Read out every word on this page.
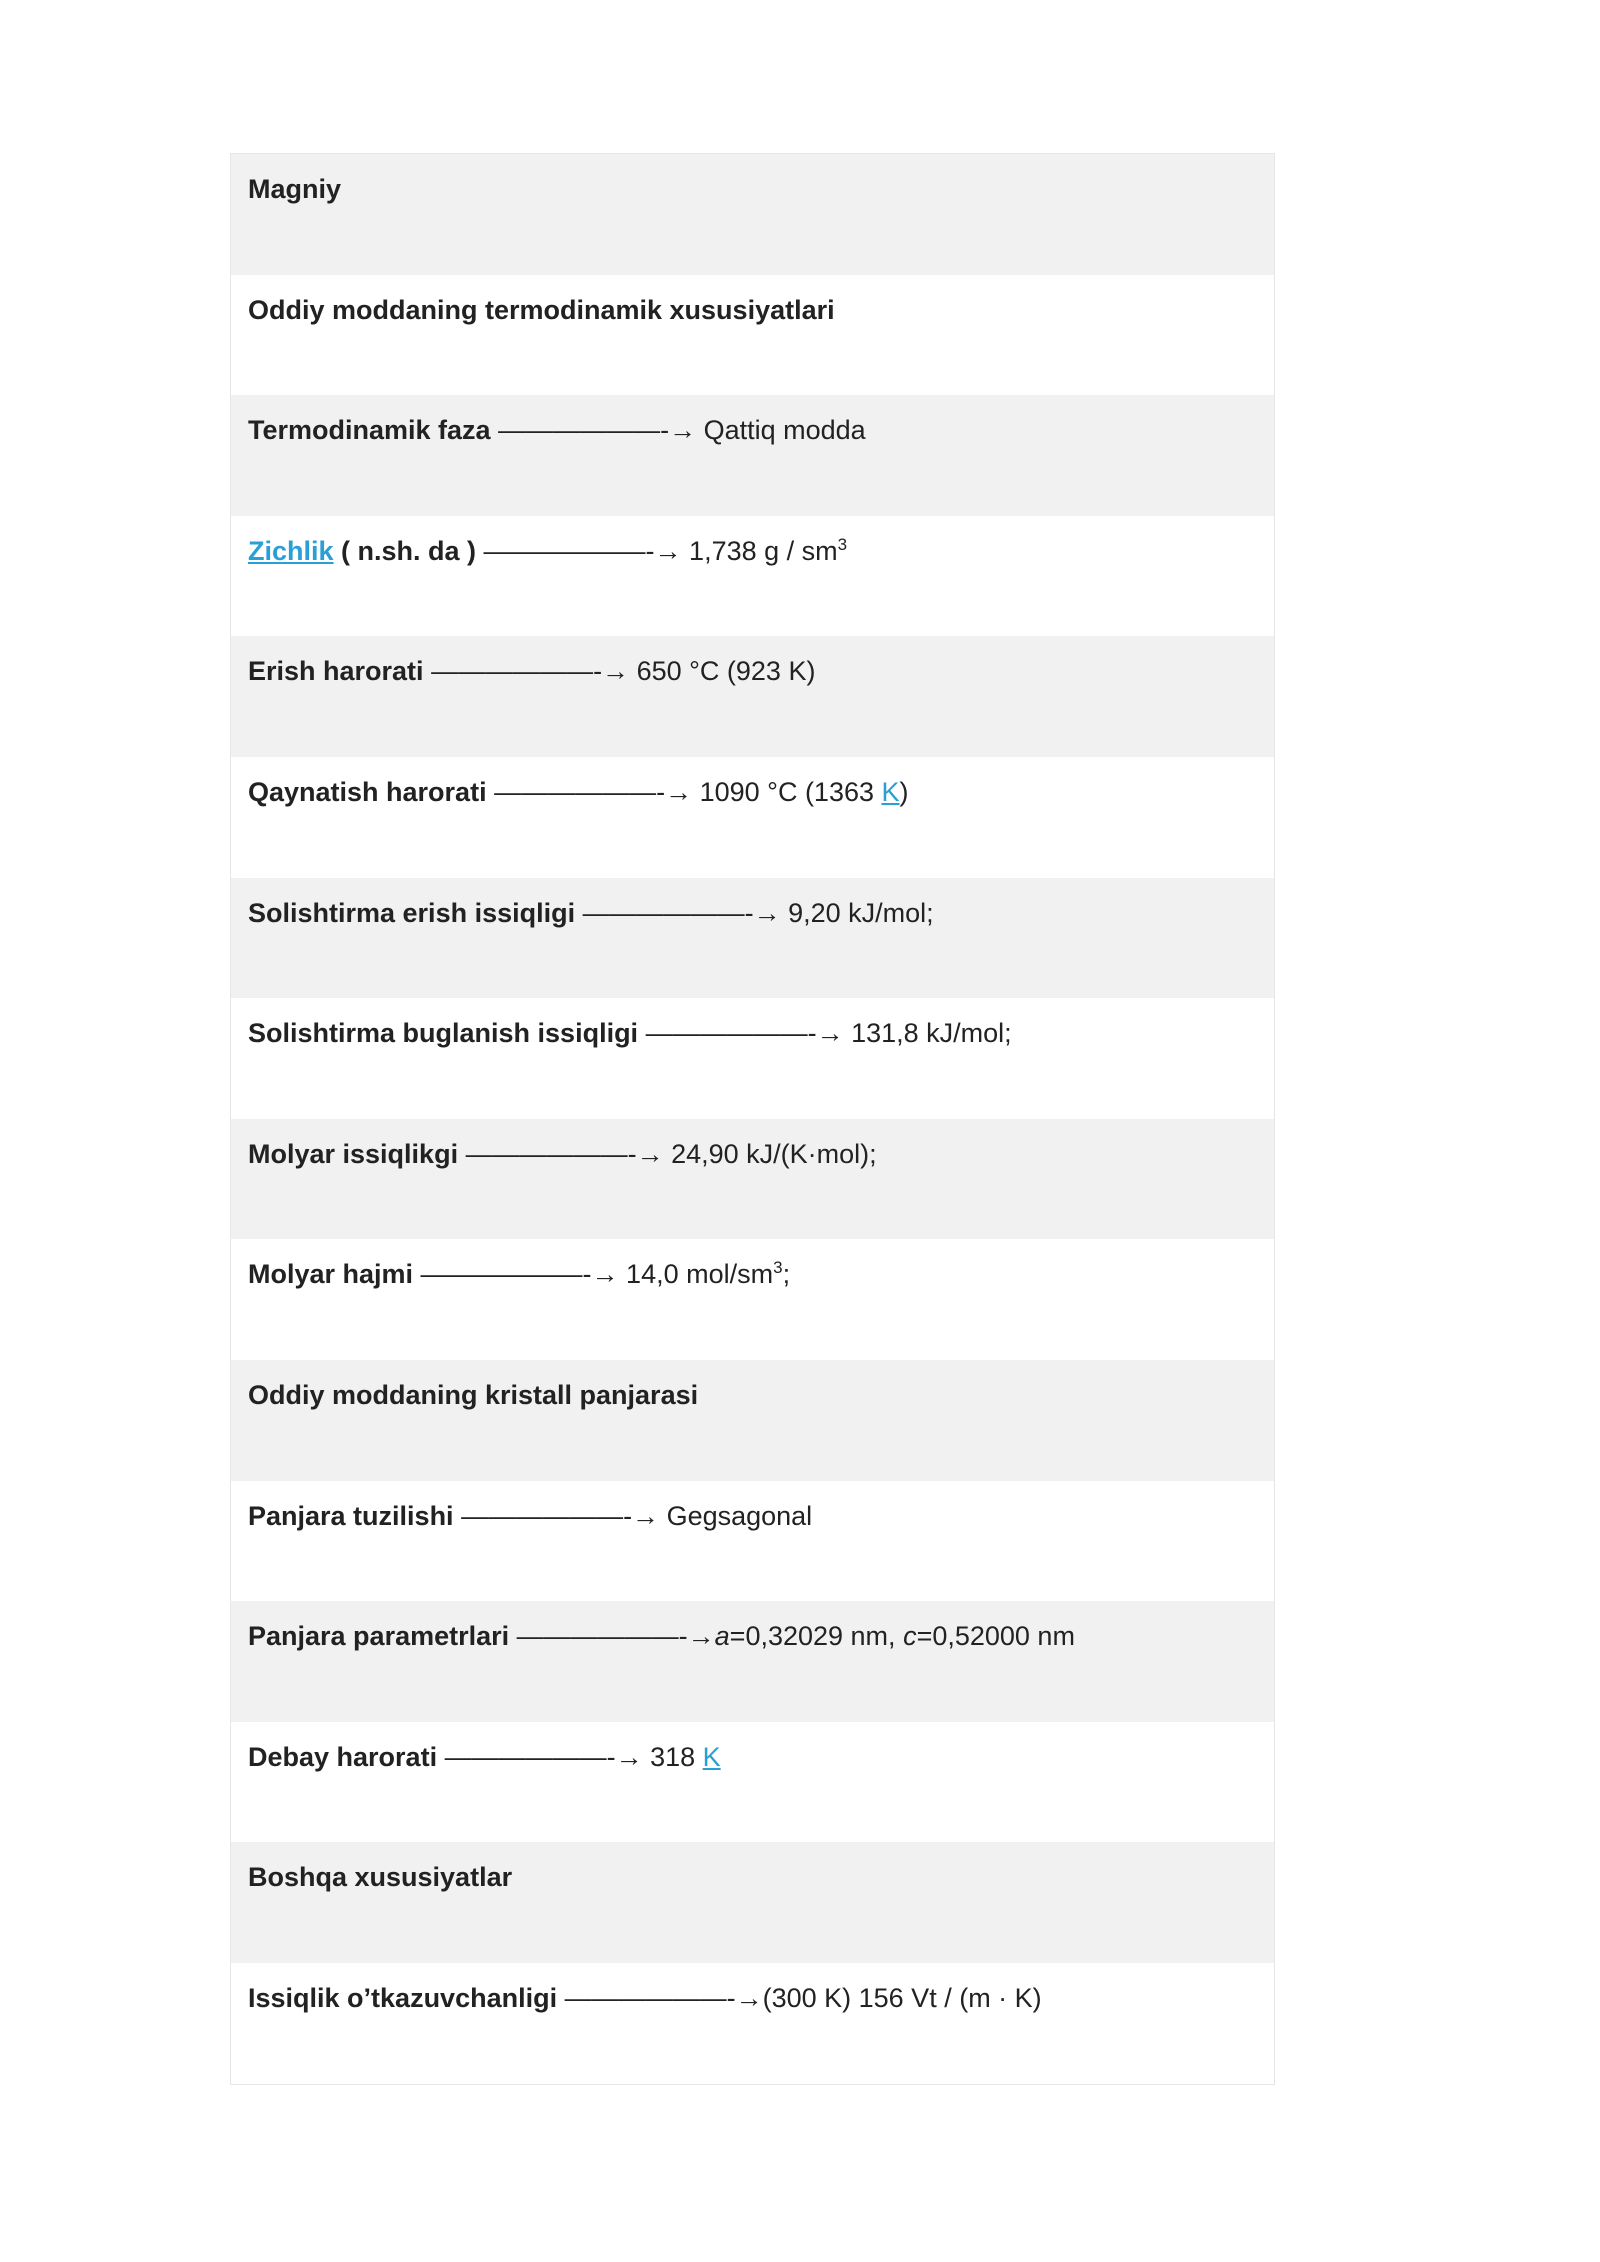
Magniy
Oddiy moddaning termodinamik xususiyatlari
Termodinamik faza ——————-→ Qattiq modda
Zichlik ( n.sh. da ) ——————-→ 1,738 g / $sm^3$
Erish harorati ——————-→ 650 °C (923 K)
Qaynatish harorati ——————-→ 1090 °C (1363 K)
Solishtirma erish issiqligi ——————-→ 9,20 kJ/mol;
Solishtirma buglanish issiqligi ——————-→ 131,8 kJ/mol;
Molyar issiqlikgi ——————-→ 24,90 kJ/(K·mol);
Molyar hajmi ——————-→ 14,0 mol/$sm^3$;
Oddiy moddaning kristall panjarasi
Panjara tuzilishi ——————-→ Gegsagonal
Panjara parametrlari ——————-→a=0,32029 nm, c=0,52000 nm
Debay harorati ——————-→ 318 K
Boshqa xususiyatlar
Issiqlik o’tkazuvchanligi ——————-→(300 K) 156 Vt / (m · K)
